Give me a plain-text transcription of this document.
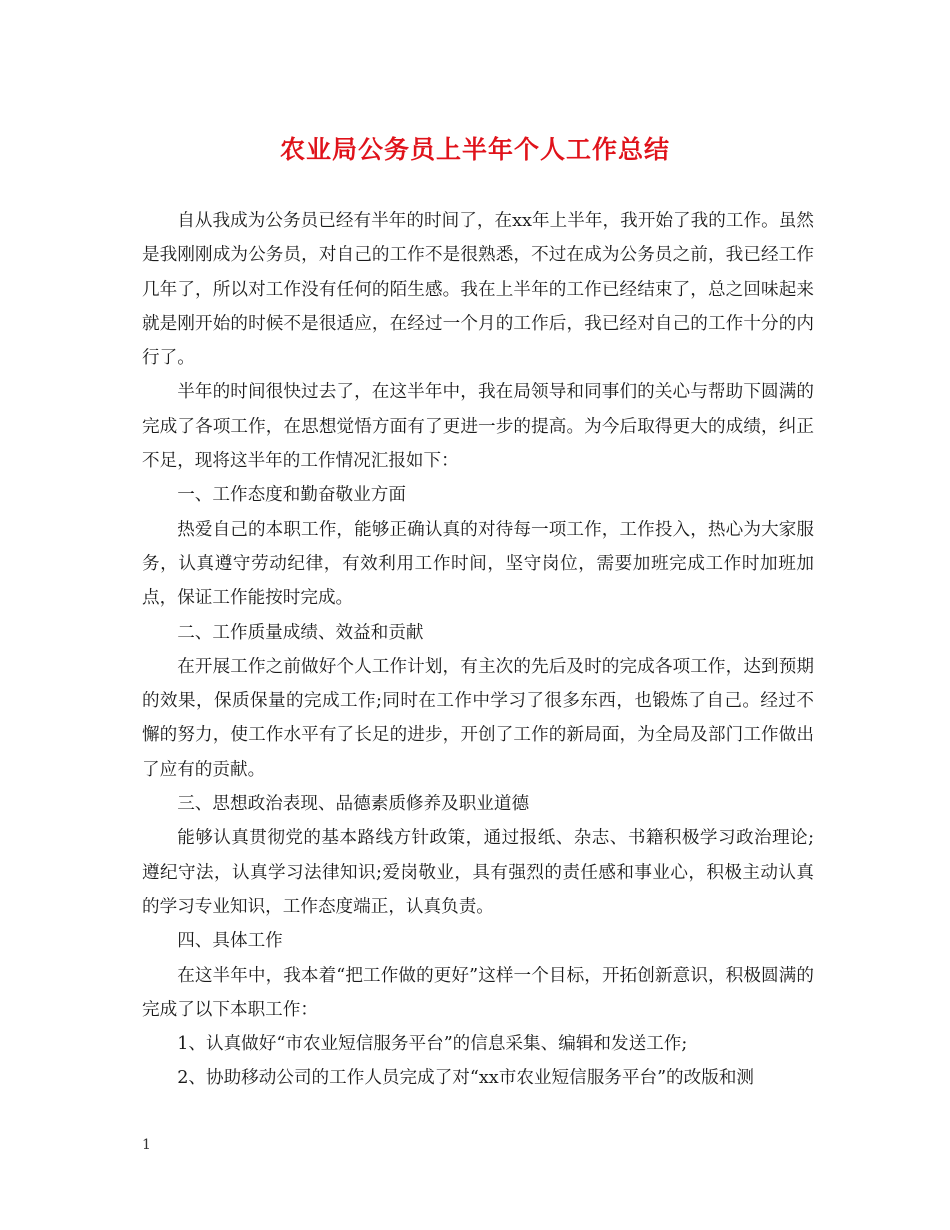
农业局公务员上半年个人工作总结

自从我成为公务员已经有半年的时间了，在xx年上半年，我开始了我的工作。虽然是我刚刚成为公务员，对自己的工作不是很熟悉，不过在成为公务员之前，我已经工作几年了，所以对工作没有任何的陌生感。我在上半年的工作已经结束了，总之回味起来就是刚开始的时候不是很适应，在经过一个月的工作后，我已经对自己的工作十分的内行了。

半年的时间很快过去了，在这半年中，我在局领导和同事们的关心与帮助下圆满的完成了各项工作，在思想觉悟方面有了更进一步的提高。为今后取得更大的成绩，纠正不足，现将这半年的工作情况汇报如下：

一、工作态度和勤奋敬业方面

热爱自己的本职工作，能够正确认真的对待每一项工作，工作投入，热心为大家服务，认真遵守劳动纪律，有效利用工作时间，坚守岗位，需要加班完成工作时加班加点，保证工作能按时完成。

二、工作质量成绩、效益和贡献

在开展工作之前做好个人工作计划，有主次的先后及时的完成各项工作，达到预期的效果，保质保量的完成工作;同时在工作中学习了很多东西，也锻炼了自己。经过不懈的努力，使工作水平有了长足的进步，开创了工作的新局面，为全局及部门工作做出了应有的贡献。

三、思想政治表现、品德素质修养及职业道德

能够认真贯彻党的基本路线方针政策，通过报纸、杂志、书籍积极学习政治理论;遵纪守法，认真学习法律知识;爱岗敬业，具有强烈的责任感和事业心，积极主动认真的学习专业知识，工作态度端正，认真负责。

四、具体工作

在这半年中，我本着“把工作做的更好”这样一个目标，开拓创新意识，积极圆满的完成了以下本职工作：

1、认真做好“市农业短信服务平台”的信息采集、编辑和发送工作;

2、协助移动公司的工作人员完成了对“xx市农业短信服务平台”的改版和测

1
